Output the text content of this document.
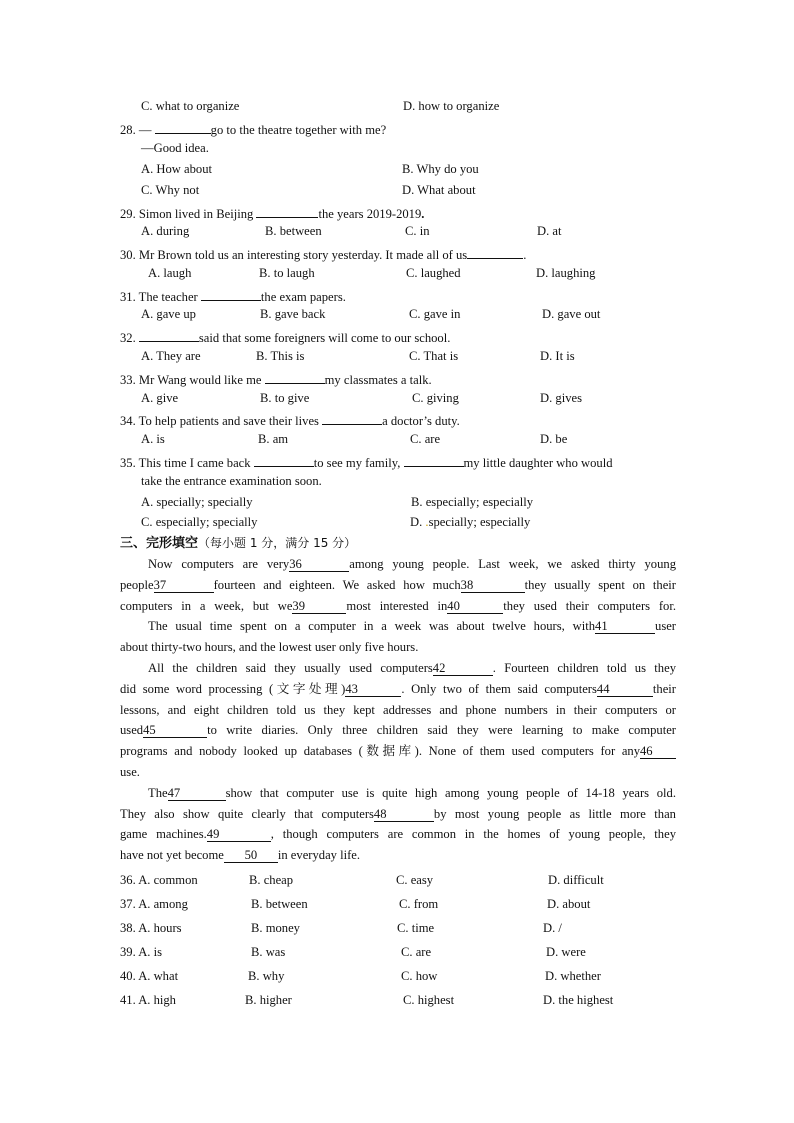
C. what to organize	D. how to organize
28. —	go to the theatre together with me?
—Good idea.
A. How about	B. Why do you
C. Why not	D. What about
29. Simon lived in Beijing	the years 2019-2019.
A. during	B. between	C. in	D. at
30. Mr Brown told us an interesting story yesterday. It made all of us	.
A. laugh	B. to laugh	C. laughed	D. laughing
31. The teacher	the exam papers.
A. gave up	B. gave back	C. gave in	D. gave out
32.	said that some foreigners will come to our school.
A. They are	B. This is	C. That is	D. It is
33. Mr Wang would like me	my classmates a talk.
A. give	B. to give	C. giving	D. gives
34. To help patients and save their lives	a doctor’s duty.
A. is	B. am	C. are	D. be
35. This time I came back	to see my family,	my little daughter who would
take the entrance examination soon.
A. specially; specially	B. especially; especially
C. especially; specially	D. .specially; especially
三、完形填空（每小题 1 分，满分 15 分）
Now computers are very36	among young people. Last week, we asked thirty young
people37	fourteen and eighteen. We asked how much38	they usually spent on their
computers in a week, but we39	most interested in40	they used their computers for.
The usual time spent on a computer in a week was about twelve hours, with41	user
about thirty-two hours, and the lowest user only five hours.
All the children said they usually used computers42	. Fourteen children told us they
did some word processing (文字处理)43	. Only two of them said computers44	their
lessons, and eight children told us they kept addresses and phone numbers in their computers or
used45	to write diaries. Only three children said they were learning to make computer
programs and nobody looked up databases (数据库). None of them used computers for any46
use.
The47	show that computer use is quite high among young people of 14-18 years old.
They also show quite clearly that computers48	by most young people as little more than
game machines.49	, though computers are common in the homes of young people, they
have not yet become 50 in everyday life.
36. A. common	B. cheap	C. easy	D. difficult
37. A. among	B. between	C. from	D. about
38. A. hours	B. money	C. time	D. /
39. A. is	B. was	C. are	D. were
40. A. what	B. why	C. how	D. whether
41. A. high	B. higher	C. highest	D. the highest
